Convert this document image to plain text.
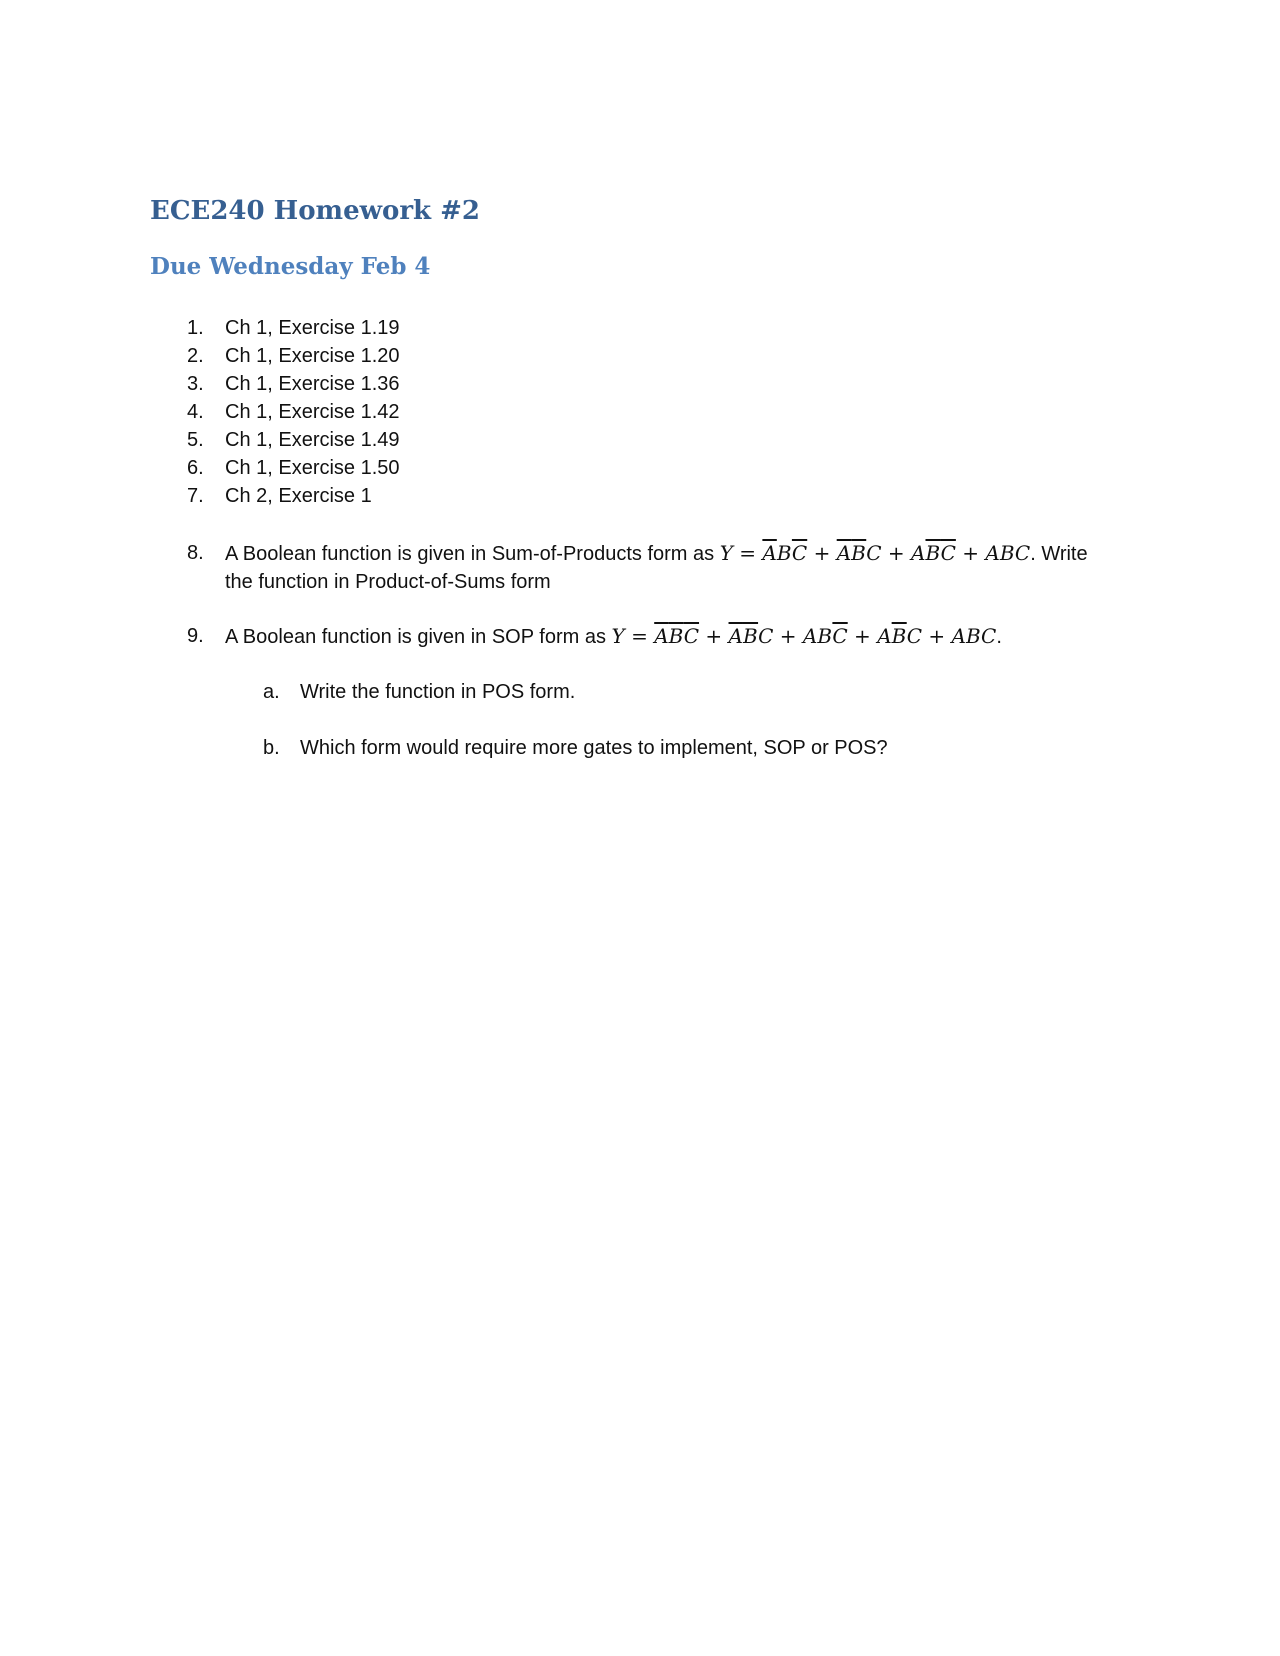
ECE240 Homework #2
Due Wednesday Feb 4
1.	Ch 1, Exercise 1.19
2.	Ch 1, Exercise 1.20
3.	Ch 1, Exercise 1.36
4.	Ch 1, Exercise 1.42
5.	Ch 1, Exercise 1.49
6.	Ch 1, Exercise 1.50
7.	Ch 2, Exercise 1
8.	A Boolean function is given in Sum-of-Products form as $Y = \overline{A}B\overline{C} + \overline{A}\overline{B}C + A\overline{B}\overline{C}$ + ABC. Write
the function in Product-of-Sums form
9.	A Boolean function is given in SOP form as $Y = \overline{A}\overline{B}\overline{C} + \overline{A}\overline{B}C + AB\overline{C} + A\overline{B}C$ + ABC.
a. Write the function in POS form.
b. Which form would require more gates to implement, SOP or POS?
